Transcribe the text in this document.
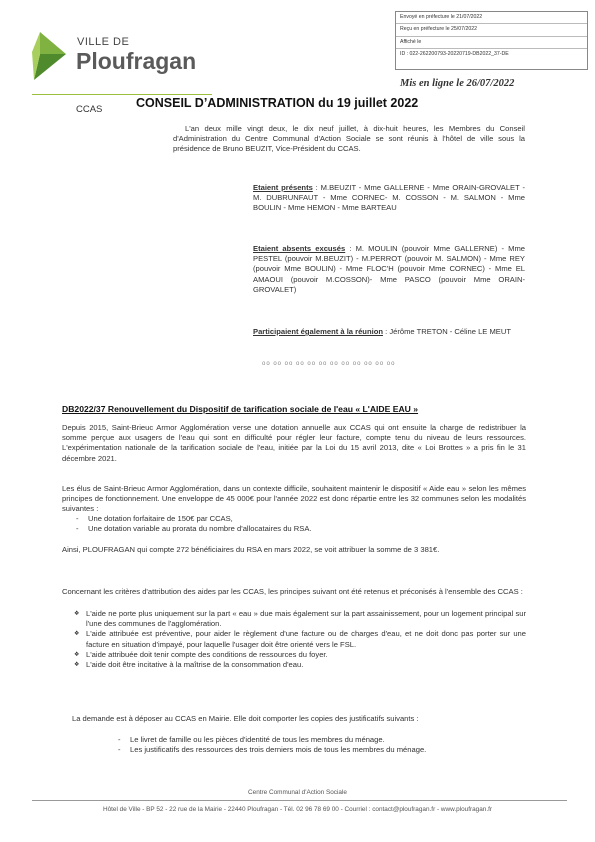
Envoyé en préfecture le 21/07/2022
Reçu en préfecture le 25/07/2022
Affiché le
ID : 022-262200793-20220719-DB2022_37-DE
Mis en ligne le 26/07/2022
VILLE DE
Ploufragan
CCAS	CONSEIL D’ADMINISTRATION du 19 juillet 2022
L'an deux mille vingt deux, le dix neuf juillet, à dix-huit heures, les Membres du Conseil d'Administration du Centre Communal d'Action Sociale se sont réunis à l'hôtel de ville sous la présidence de Bruno BEUZIT, Vice-Président du CCAS.
Etaient présents : M.BEUZIT - Mme GALLERNE - Mme ORAIN-GROVALET - M. DUBRUNFAUT - Mme CORNEC- M. COSSON - M. SALMON - Mme BOULIN - Mme HEMON - Mme BARTEAU
Etaient absents excusés : M. MOULIN (pouvoir Mme GALLERNE) - Mme PESTEL (pouvoir M.BEUZIT) - M.PERROT (pouvoir M. SALMON) - Mme REY (pouvoir Mme BOULIN) - Mme FLOC'H (pouvoir Mme CORNEC) - Mme EL AMAOUI (pouvoir M.COSSON)- Mme PASCO (pouvoir Mme ORAIN-GROVALET)
Participaient également à la réunion : Jérôme TRETON - Céline LE MEUT
oo oo oo oo oo oo oo oo oo oo oo oo
DB2022/37 Renouvellement du Dispositif de tarification sociale de l'eau « L'AIDE EAU »
Depuis 2015, Saint-Brieuc Armor Agglomération verse une dotation annuelle aux CCAS qui ont ensuite la charge de redistribuer la somme perçue aux usagers de l'eau qui sont en difficulté pour régler leur facture, compte tenu du niveau de leurs ressources. L'expérimentation nationale de la tarification sociale de l'eau, initiée par la Loi du 15 avril 2013, dite « Loi Brottes » a pris fin le 31 décembre 2021.
Les élus de Saint-Brieuc Armor Agglomération, dans un contexte difficile, souhaitent maintenir le dispositif « Aide eau » selon les mêmes principes de fonctionnement. Une enveloppe de 45 000€ pour l'année 2022 est donc répartie entre les 32 communes selon les modalités suivantes :
- Une dotation forfaitaire de 150€ par CCAS,
- Une dotation variable au prorata du nombre d'allocataires du RSA.
Ainsi, PLOUFRAGAN qui compte 272 bénéficiaires du RSA en mars 2022, se voit attribuer la somme de 3 381€.
Concernant les critères d'attribution des aides par les CCAS, les principes suivant ont été retenus et préconisés à l'ensemble des CCAS :
❖ L'aide ne porte plus uniquement sur la part « eau » due mais également sur la part assainissement, pour un logement principal sur l'une des communes de l'agglomération.
❖ L'aide attribuée est préventive, pour aider le règlement d'une facture ou de charges d'eau, et ne doit donc pas porter sur une facture en situation d'impayé, pour laquelle l'usager doit être orienté vers le FSL.
❖ L'aide attribuée doit tenir compte des conditions de ressources du foyer.
❖ L'aide doit être incitative à la maîtrise de la consommation d'eau.
La demande est à déposer au CCAS en Mairie. Elle doit comporter les copies des justificatifs suivants :
- Le livret de famille ou les pièces d'identité de tous les membres du ménage.
- Les justificatifs des ressources des trois derniers mois de tous les membres du ménage.
Centre Communal d'Action Sociale
Hôtel de Ville - BP 52 - 22 rue de la Mairie - 22440 Ploufragan - Tél. 02 96 78 69 00 - Courriel : contact@ploufragan.fr - www.ploufragan.fr
